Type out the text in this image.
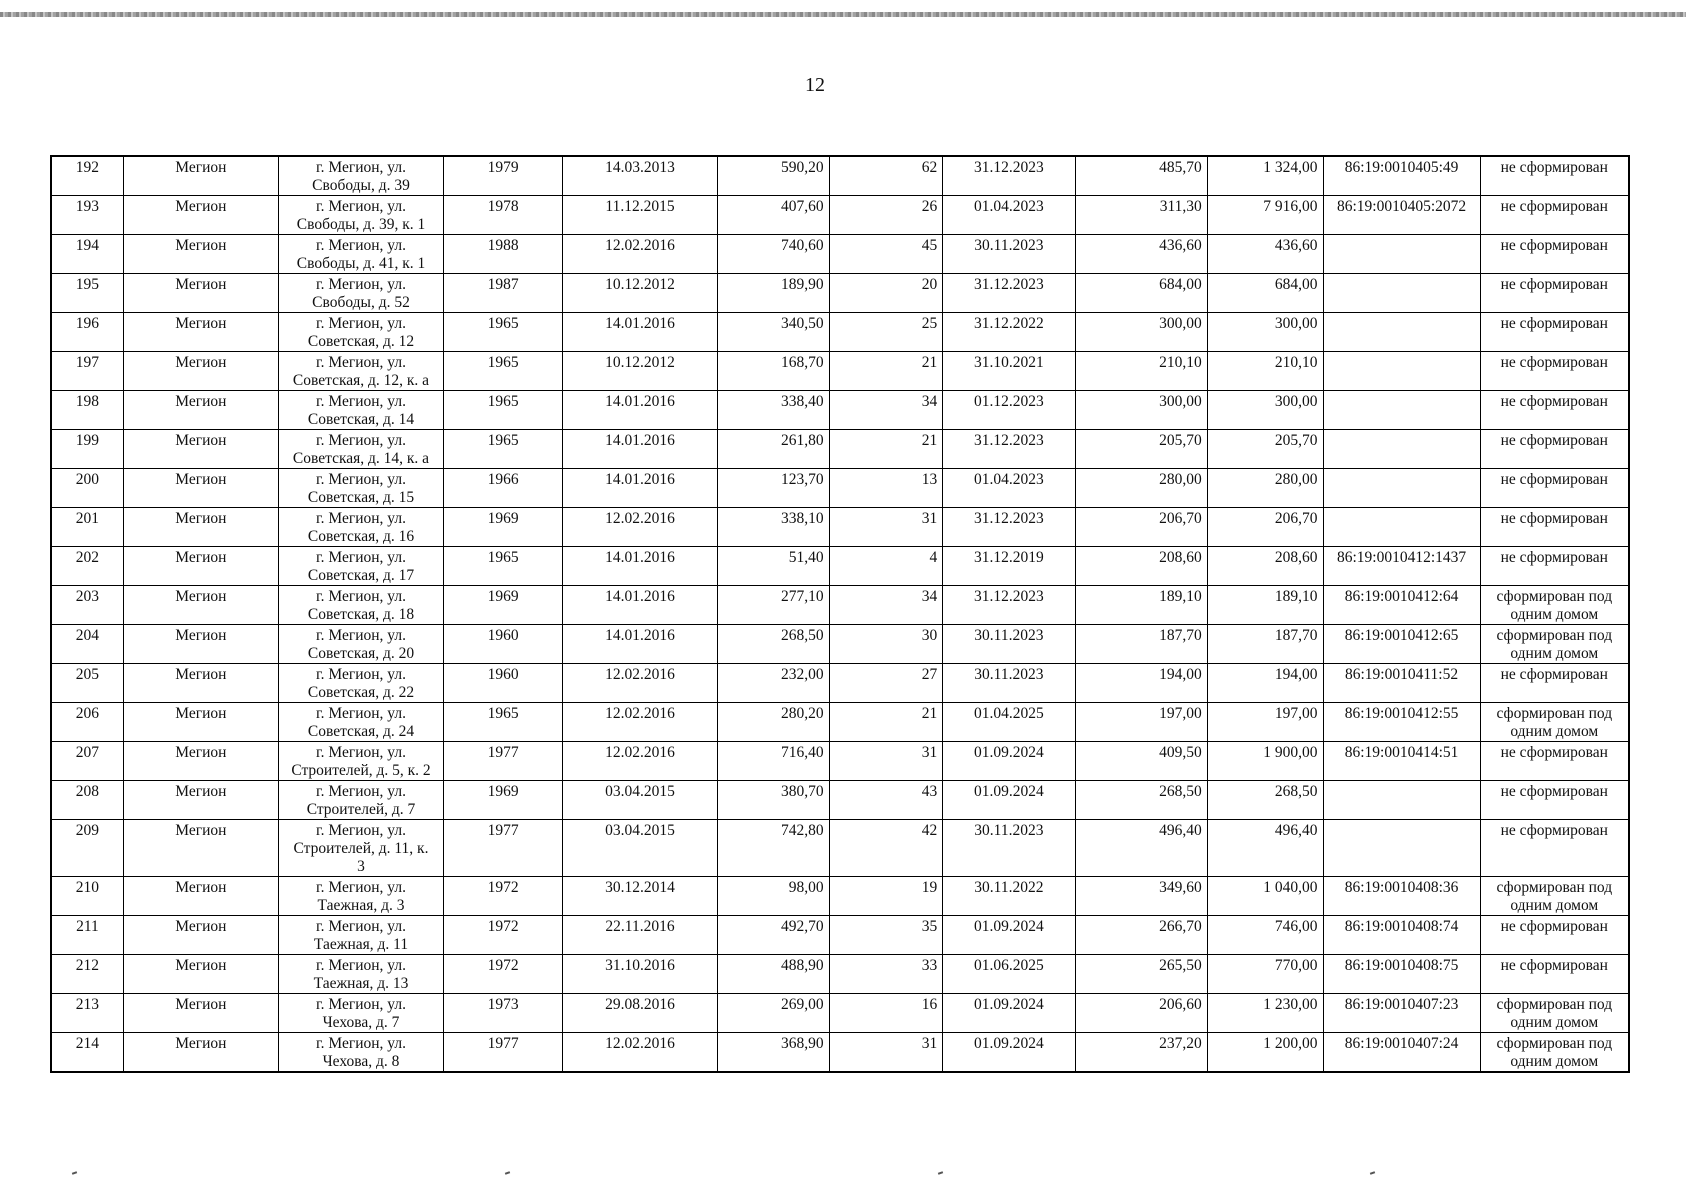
12
192	Мегион	г. Мегион, ул.
Свободы, д. 39	1979	14.03.2013	590,20	62	31.12.2023	485,70	1 324,00	86:19:0010405:49	не сформирован
193	Мегион	г. Мегион, ул.
Свободы, д. 39, к. 1	1978	11.12.2015	407,60	26	01.04.2023	311,30	7 916,00	86:19:0010405:2072	не сформирован
194	Мегион	г. Мегион, ул.
Свободы, д. 41, к. 1	1988	12.02.2016	740,60	45	30.11.2023	436,60	436,60		не сформирован
195	Мегион	г. Мегион, ул.
Свободы, д. 52	1987	10.12.2012	189,90	20	31.12.2023	684,00	684,00		не сформирован
196	Мегион	г. Мегион, ул.
Советская, д. 12	1965	14.01.2016	340,50	25	31.12.2022	300,00	300,00		не сформирован
197	Мегион	г. Мегион, ул.
Советская, д. 12, к. а	1965	10.12.2012	168,70	21	31.10.2021	210,10	210,10		не сформирован
198	Мегион	г. Мегион, ул.
Советская, д. 14	1965	14.01.2016	338,40	34	01.12.2023	300,00	300,00		не сформирован
199	Мегион	г. Мегион, ул.
Советская, д. 14, к. а	1965	14.01.2016	261,80	21	31.12.2023	205,70	205,70		не сформирован
200	Мегион	г. Мегион, ул.
Советская, д. 15	1966	14.01.2016	123,70	13	01.04.2023	280,00	280,00		не сформирован
201	Мегион	г. Мегион, ул.
Советская, д. 16	1969	12.02.2016	338,10	31	31.12.2023	206,70	206,70		не сформирован
202	Мегион	г. Мегион, ул.
Советская, д. 17	1965	14.01.2016	51,40	4	31.12.2019	208,60	208,60	86:19:0010412:1437	не сформирован
203	Мегион	г. Мегион, ул.
Советская, д. 18	1969	14.01.2016	277,10	34	31.12.2023	189,10	189,10	86:19:0010412:64	сформирован под
одним домом
204	Мегион	г. Мегион, ул.
Советская, д. 20	1960	14.01.2016	268,50	30	30.11.2023	187,70	187,70	86:19:0010412:65	сформирован под
одним домом
205	Мегион	г. Мегион, ул.
Советская, д. 22	1960	12.02.2016	232,00	27	30.11.2023	194,00	194,00	86:19:0010411:52	не сформирован
206	Мегион	г. Мегион, ул.
Советская, д. 24	1965	12.02.2016	280,20	21	01.04.2025	197,00	197,00	86:19:0010412:55	сформирован под
одним домом
207	Мегион	г. Мегион, ул.
Строителей, д. 5, к. 2	1977	12.02.2016	716,40	31	01.09.2024	409,50	1 900,00	86:19:0010414:51	не сформирован
208	Мегион	г. Мегион, ул.
Строителей, д. 7	1969	03.04.2015	380,70	43	01.09.2024	268,50	268,50		не сформирован
209	Мегион	г. Мегион, ул.
Строителей, д. 11, к.
3	1977	03.04.2015	742,80	42	30.11.2023	496,40	496,40		не сформирован
210	Мегион	г. Мегион, ул.
Таежная, д. 3	1972	30.12.2014	98,00	19	30.11.2022	349,60	1 040,00	86:19:0010408:36	сформирован под
одним домом
211	Мегион	г. Мегион, ул.
Таежная, д. 11	1972	22.11.2016	492,70	35	01.09.2024	266,70	746,00	86:19:0010408:74	не сформирован
212	Мегион	г. Мегион, ул.
Таежная, д. 13	1972	31.10.2016	488,90	33	01.06.2025	265,50	770,00	86:19:0010408:75	не сформирован
213	Мегион	г. Мегион, ул.
Чехова, д. 7	1973	29.08.2016	269,00	16	01.09.2024	206,60	1 230,00	86:19:0010407:23	сформирован под
одним домом
214	Мегион	г. Мегион, ул.
Чехова, д. 8	1977	12.02.2016	368,90	31	01.09.2024	237,20	1 200,00	86:19:0010407:24	сформирован под
одним домом
